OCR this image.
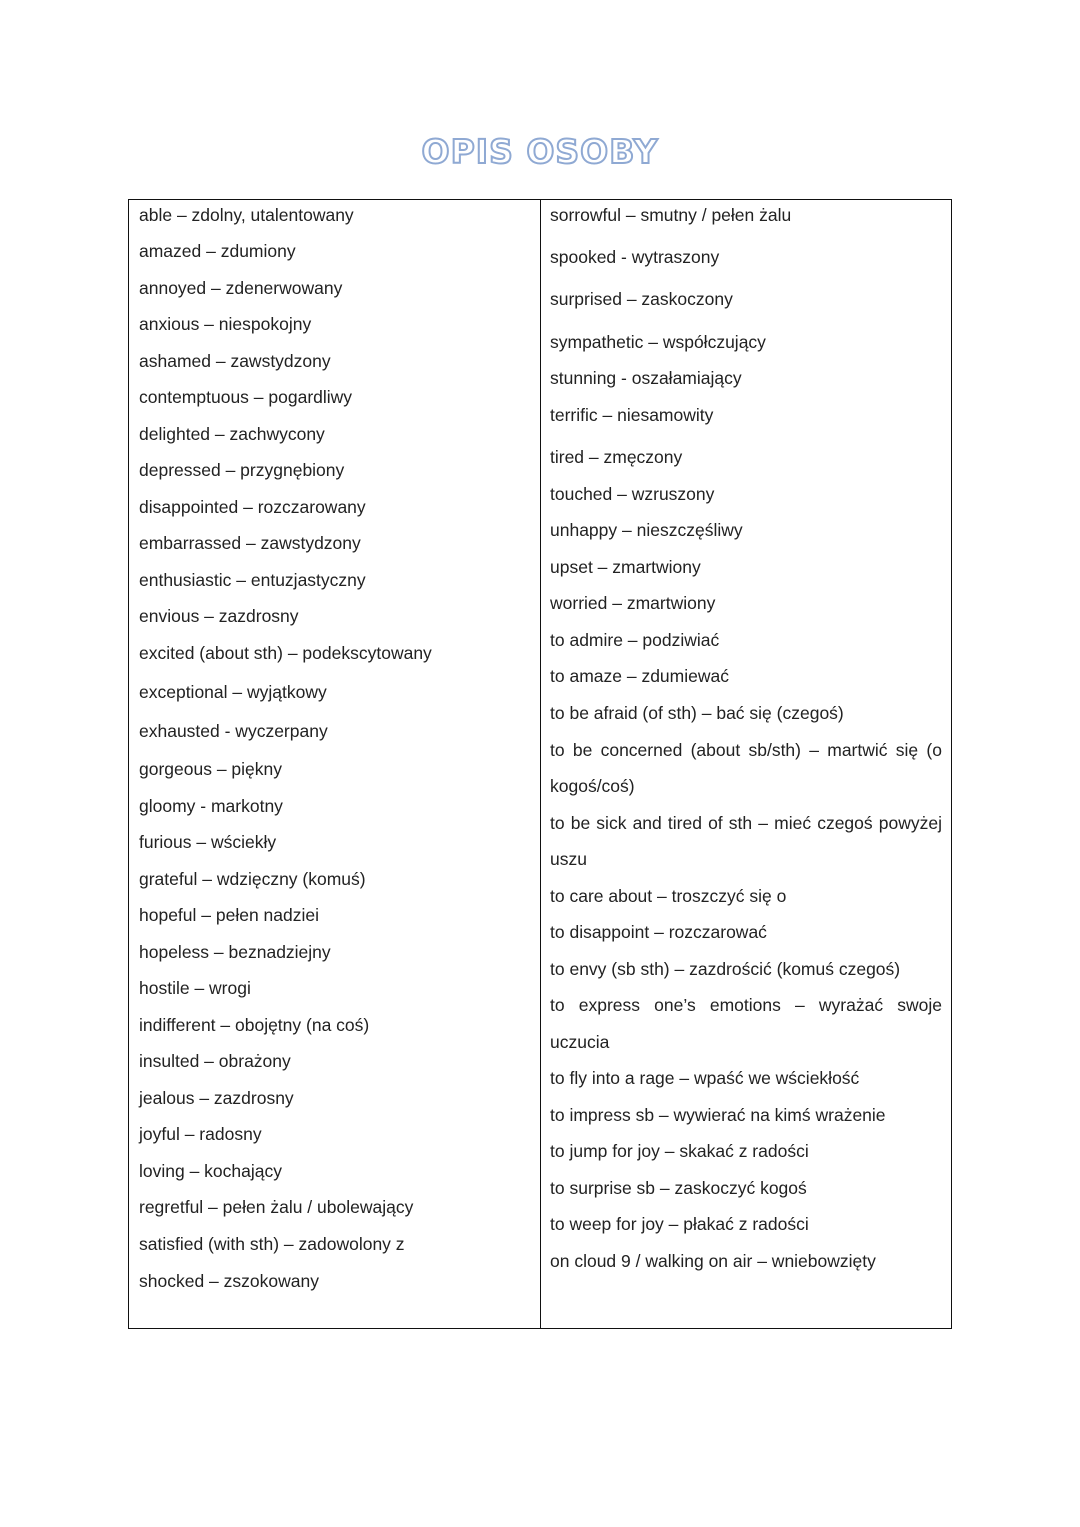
OPIS OSOBY
able – zdolny, utalentowany
amazed – zdumiony
annoyed – zdenerwowany
anxious – niespokojny
ashamed – zawstydzony
contemptuous – pogardliwy
delighted – zachwycony
depressed – przygnębiony
disappointed – rozczarowany
embarrassed – zawstydzony
enthusiastic – entuzjastyczny
envious – zazdrosny
excited (about sth) – podekscytowany
exceptional – wyjątkowy
exhausted - wyczerpany
gorgeous – piękny
gloomy - markotny
furious – wściekły
grateful – wdzięczny (komuś)
hopeful – pełen nadziei
hopeless – beznadziejny
hostile – wrogi
indifferent – obojętny (na coś)
insulted – obrażony
jealous – zazdrosny
joyful – radosny
loving – kochający
regretful – pełen żalu / ubolewający
satisfied (with sth) – zadowolony z
shocked – zszokowany
sorrowful – smutny / pełen żalu
spooked - wytraszony
surprised – zaskoczony
sympathetic – współczujący
stunning - oszałamiający
terrific – niesamowity
tired – zmęczony
touched – wzruszony
unhappy – nieszczęśliwy
upset – zmartwiony
worried – zmartwiony
to admire – podziwiać
to amaze – zdumiewać
to be afraid (of sth) – bać się (czegoś)
to be concerned (about sb/sth) – martwić się (o
kogoś/coś)
to be sick and tired of sth – mieć czegoś powyżej
uszu
to care about – troszczyć się o
to disappoint – rozczarować
to envy (sb sth) – zazdrościć (komuś czegoś)
to express one’s emotions – wyrażać swoje
uczucia
to fly into a rage – wpaść we wściekłość
to impress sb – wywierać na kimś wrażenie
to jump for joy – skakać z radości
to surprise sb – zaskoczyć kogoś
to weep for joy – płakać z radości
on cloud 9 / walking on air – wniebowzięty
